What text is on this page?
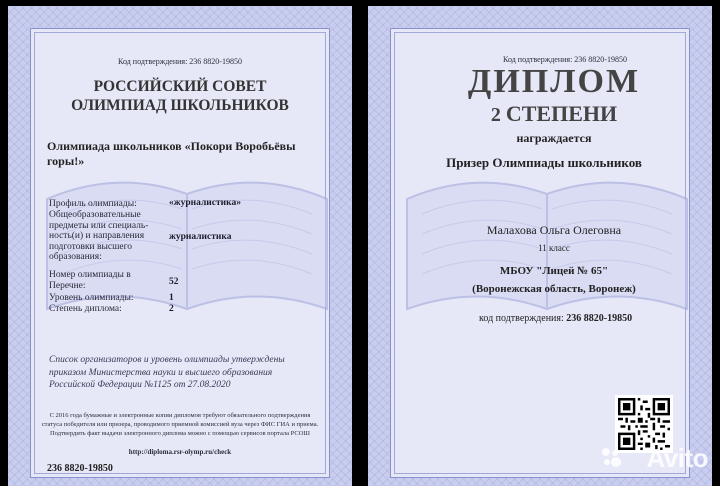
Код подтверждения: 236 8820-19850
РОССИЙСКИЙ СОВЕТ
ОЛИМПИАД ШКОЛЬНИКОВ
Олимпиада школьников «Покори Воробьёвы горы!»
Профиль олимпиады:	«журналистика»
Общеобразовательные предметы или специальность(и) и направления подготовки высшего образования:
журналистика
Номер олимпиады в Перечне:	52
Уровень олимпиады:	1
Степень диплома:	2
Список организаторов и уровень олимпиады утверждены приказом Министерства науки и высшего образования Российской Федерации №1125 от 27.08.2020
С 2016 года бумажные и электронные копии дипломов требуют обязательного подтверждения статуса победителя или призера, проводимого приемной комиссией вуза через ФИС ГИА и приема. Подтвердить факт выдачи электронного диплома можно с помощью сервисов портала РСОШ
http://diploma.rsr-olymp.ru/check
236 8820-19850
Код подтверждения: 236 8820-19850
ДИПЛОМ
2 СТЕПЕНИ
награждается
Призер Олимпиады школьников
Малахова Ольга Олеговна
11 класс
МБОУ "Лицей № 65"
(Воронежская область, Воронеж)
код подтверждения: 236 8820-19850
Avito
